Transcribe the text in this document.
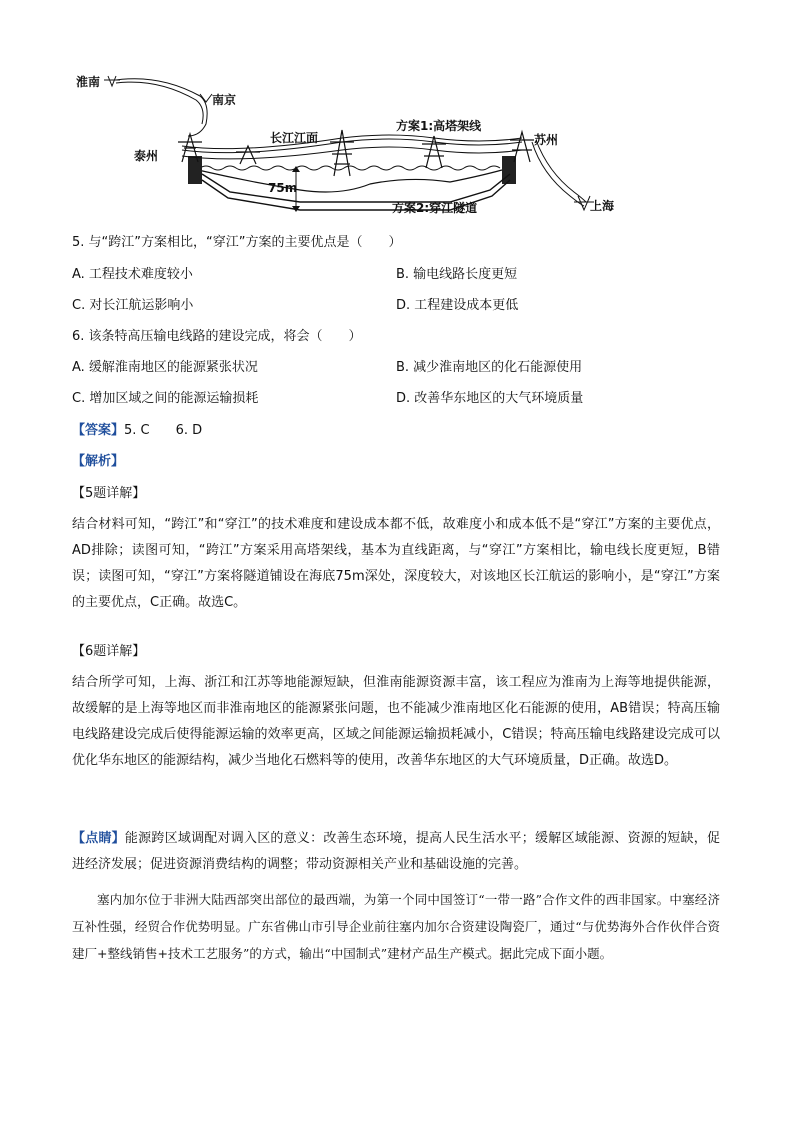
淮南
南京
泰州
长江江面
方案1:高塔架线
苏州
75m
方案2:穿江隧道	上海
5. 与“跨江”方案相比，“穿江”方案的主要优点是（　　）
A. 工程技术难度较小	B. 输电线路长度更短
C. 对长江航运影响小	D. 工程建设成本更低
6. 该条特高压输电线路的建设完成，将会（　　）
A. 缓解淮南地区的能源紧张状况	B. 减少淮南地区的化石能源使用
C. 增加区域之间的能源运输损耗	D. 改善华东地区的大气环境质量
【答案】5. C　　6. D
【解析】
【5题详解】

结合材料可知，“跨江”和“穿江”的技术难度和建设成本都不低，故难度小和成本低不是“穿江”方案的主要优点，AD排除；读图可知，“跨江”方案采用高塔架线，基本为直线距离，与“穿江”方案相比，输电线长度更短，B错误；读图可知，“穿江”方案将隧道铺设在海底75m深处，深度较大，对该地区长江航运的影响小，是“穿江”方案的主要优点，C正确。故选C。

【6题详解】

结合所学可知，上海、浙江和江苏等地能源短缺，但淮南能源资源丰富，该工程应为淮南为上海等地提供能源，故缓解的是上海等地区而非淮南地区的能源紧张问题，也不能减少淮南地区化石能源的使用，AB错误；特高压输电线路建设完成后使得能源运输的效率更高，区域之间能源运输损耗减小，C错误；特高压输电线路建设完成可以优化华东地区的能源结构，减少当地化石燃料等的使用，改善华东地区的大气环境质量，D正确。故选D。

【点睛】能源跨区域调配对调入区的意义：改善生态环境，提高人民生活水平；缓解区域能源、资源的短缺，促进经济发展；促进资源消费结构的调整；带动资源相关产业和基础设施的完善。

塞内加尔位于非洲大陆西部突出部位的最西端，为第一个同中国签订“一带一路”合作文件的西非国家。中塞经济互补性强，经贸合作优势明显。广东省佛山市引导企业前往塞内加尔合资建设陶瓷厂，通过“与优势海外合作伙伴合资建厂+整线销售+技术工艺服务”的方式，输出“中国制式”建材产品生产模式。据此完成下面小题。
